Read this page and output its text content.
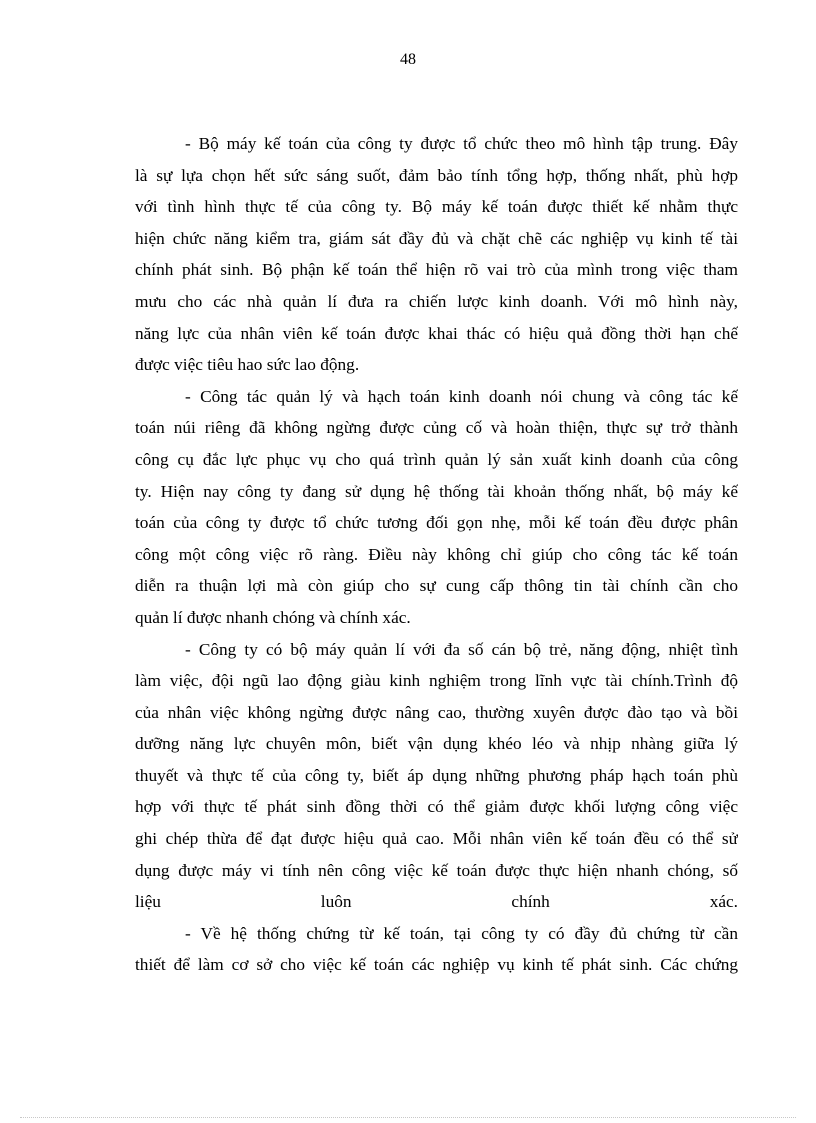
48
- Bộ máy kế toán của công ty được tổ chức theo mô hình tập trung. Đây
là sự lựa chọn hết sức sáng suốt, đảm bảo tính tổng hợp, thống nhất, phù hợp
với tình hình thực tế của công ty. Bộ máy kế toán được thiết kế nhằm thực
hiện chức năng kiểm tra, giám sát đầy đủ và chặt chẽ các nghiệp vụ kinh tế tài
chính phát sinh. Bộ phận kế toán thể hiện rõ vai trò của mình trong việc tham
mưu cho các nhà quản lí đưa ra chiến lược kinh doanh. Với mô hình này,
năng lực của nhân viên kế toán được khai thác có hiệu quả đồng thời hạn chế
được việc tiêu hao sức lao động.
- Công tác quản lý và hạch toán kinh doanh nói chung và công tác kế
toán núi riêng đã không ngừng được củng cố và hoàn thiện, thực sự trở thành
công cụ đắc lực phục vụ cho quá trình quản lý sản xuất kinh doanh của công
ty. Hiện nay công ty đang sử dụng hệ thống tài khoản thống nhất, bộ máy kế
toán của công ty được tổ chức tương đối gọn nhẹ, mỗi kế toán đều được phân
công một công việc rõ ràng. Điều này không chỉ giúp cho công tác kế toán
diễn ra thuận lợi mà còn giúp cho sự cung cấp thông tin tài chính cần cho
quản lí được nhanh chóng và chính xác.
- Công ty có bộ máy quản lí với đa số cán bộ trẻ, năng động, nhiệt tình
làm việc, đội ngũ lao động giàu kinh nghiệm trong lĩnh vực tài chính.Trình độ
của nhân việc không ngừng được nâng cao, thường xuyên được đào tạo và bồi
dưỡng năng lực chuyên môn, biết vận dụng khéo léo và nhịp nhàng giữa lý
thuyết và thực tế của công ty, biết áp dụng những phương pháp hạch toán phù
hợp với thực tế phát sinh đồng thời có thể giảm được khối lượng công việc
ghi chép thừa để đạt được hiệu quả cao. Mỗi nhân viên kế toán đều có thể sử
dụng được máy vi tính nên công việc kế toán được thực hiện nhanh chóng, số
liệu luôn chính xác.
- Về hệ thống chứng từ kế toán, tại công ty có đầy đủ chứng từ cần
thiết để làm cơ sở cho việc kế toán các nghiệp vụ kinh tế phát sinh. Các chứng
